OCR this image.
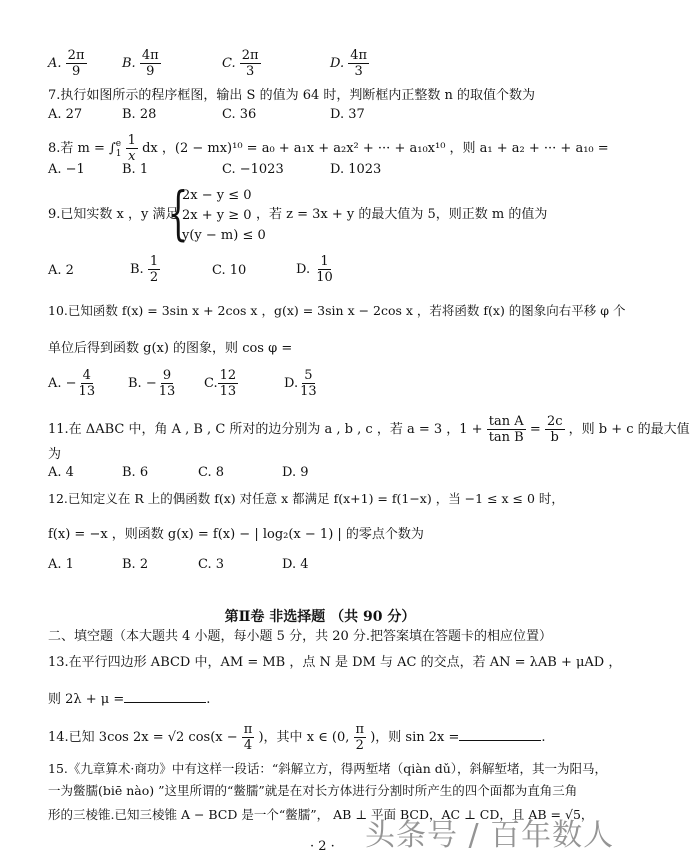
A. $\frac{2\pi}{9}$	B. $\frac{4\pi}{9}$	C. $\frac{2\pi}{3}$	D. $\frac{4\pi}{3}$
7.执行如图所示的程序框图，输出 S 的值为 64 时，判断框内正整数 n 的取值个数为
A. 27	B. 28	C. 36	D. 37
8.若 m = ∫ e
1
$\frac{1}{x}$ dx ，(2 − mx)¹⁰ = a₀ + a₁x + a₂x² + ··· + a₁₀x¹⁰ ，则 a₁ + a₂ + ··· + a₁₀ =
A. −1	B. 1	C. −1023	D. 1023
9.已知实数 x ，y 满足
{
2x − y ≤ 0
2x + y ≥ 0
y(y − m) ≤ 0
，若 z = 3x + y 的最大值为 5，则正数 m 的值为
A. 2	B. $\frac{1}{2}$	C. 10	D. $\frac{1}{10}$
10.已知函数 f(x) = 3sin x + 2cos x ，g(x) = 3sin x − 2cos x ，若将函数 f(x) 的图象向右平移 φ 个
单位后得到函数 g(x) 的图象，则 cos φ =
A. − $\frac{4}{13} B$. − $\frac{9}{13} C$. $\frac{12}{13}$	D. $\frac{5}{13}$
11.在 ΔABC 中，角 A , B , C 所对的边分别为 a , b , c ，若 a = 3 ，$1 + \frac{\text{tan A}}{\text{tan B}} = \frac{2c}{b}$ ，则 b + c 的最大值
为
A. 4	B. 6	C. 8	D. 9
12.已知定义在 R 上的偶函数 f(x) 对任意 x 都满足 f(x+1) = f(1−x) ，当 −1 ≤ x ≤ 0 时，
f(x) = −x ，则函数 g(x) = f(x) − | log₂(x − 1) | 的零点个数为
A. 1	B. 2	C. 3	D. 4
第Ⅱ卷 非选择题 （共 90 分）
二、填空题（本大题共 4 小题，每小题 5 分，共 20 分.把答案填在答题卡的相应位置）
13.在平行四边形 ABCD 中，AM = MB ，点 N 是 DM 与 AC 的交点，若 AN = λAB + μAD ，
则 2λ + μ =	.
14.已知 3cos 2x = √2 $\cos(x - \frac{\pi}{4}$ )，其中 x ∈ (0, $\frac{\pi}{2}$ )，则 sin 2x =	.
15.《九章算术·商功》中有这样一段话：“斜解立方，得两堑堵（qiàn dǔ），斜解堑堵，其一为阳马，
一为鳖臑(biē nào) ”这里所谓的“鳖臑”就是在对长方体进行分割时所产生的四个面都为直角三角
形的三棱锥.已知三棱锥 A − BCD 是一个“鳖臑”， AB ⊥ 平面 BCD，AC ⊥ CD，且 AB = √5，
· 2 · 头条号 / 百年数人
